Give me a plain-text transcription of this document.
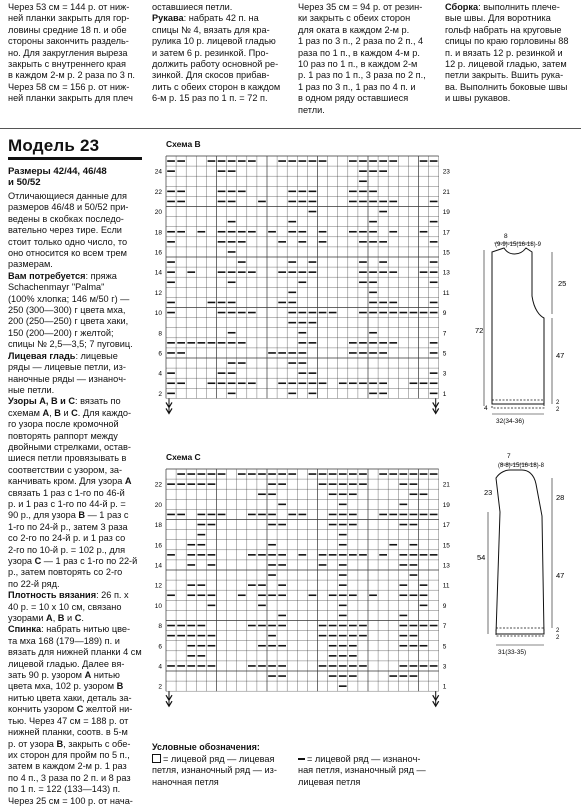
Через 53 см = 144 р. от ниж-
ней планки закрыть для гор-
ловины средние 18 п. и обе
стороны закончить раздель-
но. Для закругления выреза
закрыть с внутреннего края
в каждом 2-м р. 2 раза по 3 п.
Через 58 см = 156 р. от ниж-
ней планки закрыть для плеч
оставшиеся петли.
Рукава: набрать 42 п. на
спицы № 4, вязать для кра-
рулика 10 р. лицевой гладью
и затем 6 р. резинкой. Про-
должить работу основной ре-
зинкой. Для скосов прибав-
лить с обеих сторон в каждом
6-м р. 15 раз по 1 п. = 72 п.
Через 35 см = 94 р. от резин-
ки закрыть с обеих сторон
для оката в каждом 2-м р.
1 раз по 3 п., 2 раза по 2 п., 4
раза по 1 п., в каждом 4-м р.
10 раз по 1 п., в каждом 2-м
р. 1 раз по 1 п., 3 раза по 2 п.,
1 раз по 3 п., 1 раз по 4 п. и
в одном ряду оставшиеся петли.
Сборка: выполнить плече-
вые швы. Для воротника
гольф набрать на круговые
спицы по краю горловины 88
п. и вязать 12 р. резинкой и
12 р. лицевой гладью, затем
петли закрыть. Вшить рука-
ва. Выполнить боковые швы
и швы рукавов.
Модель 23
Размеры 42/44, 46/48
и 50/52
Отличающиеся данные для
размеров 46/48 и 50/52 при-
ведены в скобках последо-
вательно через тире. Если
стоит только одно число, то
оно относится ко всем трем
размерам.
Вам потребуется: пряжа
Schachenmayr "Palma"
(100% хлопка; 146 м/50 г) —
250 (300—300) г цвета мха,
200 (250—250) г цвета хаки,
150 (200—200) г желтой;
спицы № 2,5—3,5; 7 пуговиц.
Лицевая гладь: лицевые
ряды — лицевые петли, из-
наночные ряды — изнанoч-
ные петли.
Узоры А, В и С: вязать по
схемам А, В и С. Для каждо-
го узора после кромочной
повторять раппорт между
двойными стрелками, остав-
шиеся петли провязывать в
соответствии с узором, за-
канчивать кром. Для узора А
связать 1 раз с 1-го по 46-й
р. и 1 раз с 1-го по 44-й р. =
90 р., для узора В — 1 раз с
1-го по 24-й р., затем 3 раза
со 2-го по 24-й р. и 1 раз со
2-го по 10-й р. = 102 р., для
узора С — 1 раз с 1-го по 22-й
р., затем повторять со 2-го
по 22-й ряд.
Плотность вязания: 26 п. х
40 р. = 10 х 10 см, связано
узорами А, В и С.
Спинка: набрать нитью цве-
та мха 168 (179—189) п. и
вязать для нижней планки 4 см
лицевой гладью. Далее вя-
зать 90 р. узором А нитью
цвета мха, 102 р. узором В
нитью цвета хаки, деталь за-
кончить узором С желтой ни-
тью. Через 47 см = 188 р. от
нижней планки, соотв. в 5-м
р. от узора В, закрыть с обе-
их сторон для пройм по 5 п.,
затем в каждом 2-м р. 1 раз
по 4 п., 3 раза по 2 п. и 8 раз
по 1 п. = 122 (133—143) п.
Через 25 см = 100 р. от нача-
Схема В
24
22
20
18
16
14
12
10
8
6
4
2
23
21
19
17
15
13
11
9
7
5
3
1
Схема С
22
20
18
16
14
12
10
8
6
4
2
21
19
17
15
13
11
9
7
5
3
1
8
(9-9)-15(16-18)-9
25
72
47
4
2
2
32(34-36)
7
(8-8)-15(16-18)-8
23
28
54
47
2
2
31(33-35)
Условные обозначения:
= лицевой ряд — лицевая
петля, изнаночный ряд — из-
наночная петля
= лицевой ряд — изнанoч-
ная петля, изнаночный ряд —
лицевая петля
